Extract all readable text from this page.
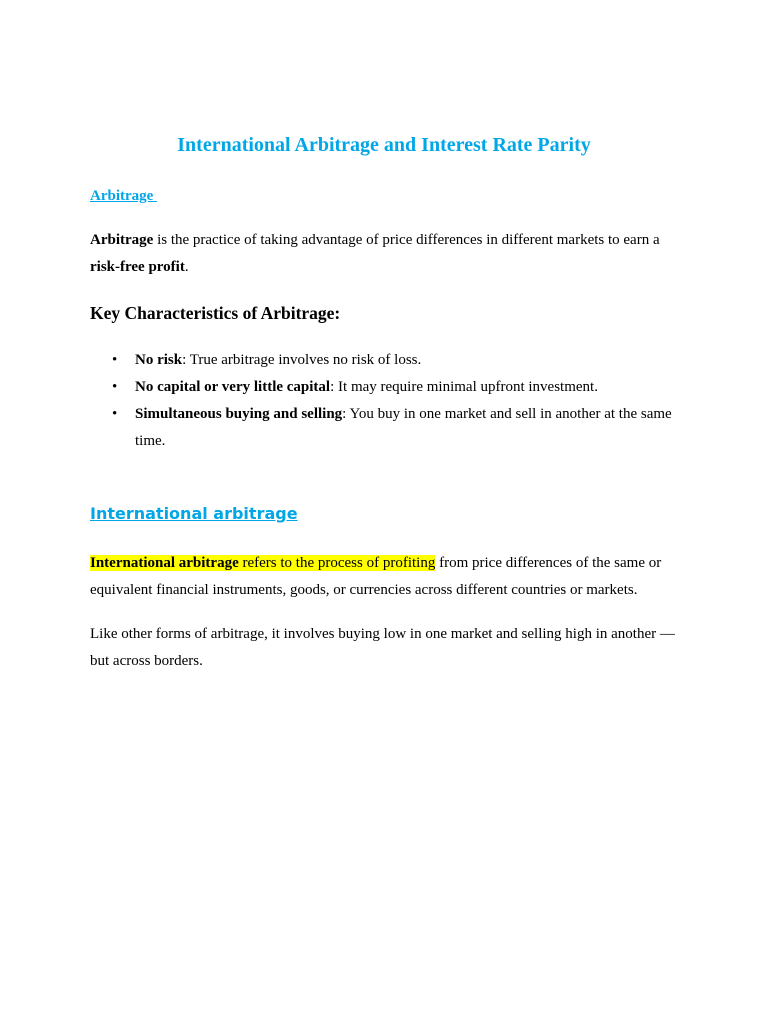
International Arbitrage and Interest Rate Parity
Arbitrage

Arbitrage is the practice of taking advantage of price differences in different markets to earn a risk-free profit.

Key Characteristics of Arbitrage:
• No risk: True arbitrage involves no risk of loss.
• No capital or very little capital: It may require minimal upfront investment.
• Simultaneous buying and selling: You buy in one market and sell in another at the same time.
International arbitrage

International arbitrage refers to the process of profiting from price differences of the same or equivalent financial instruments, goods, or currencies across different countries or markets.

Like other forms of arbitrage, it involves buying low in one market and selling high in another — but across borders.
